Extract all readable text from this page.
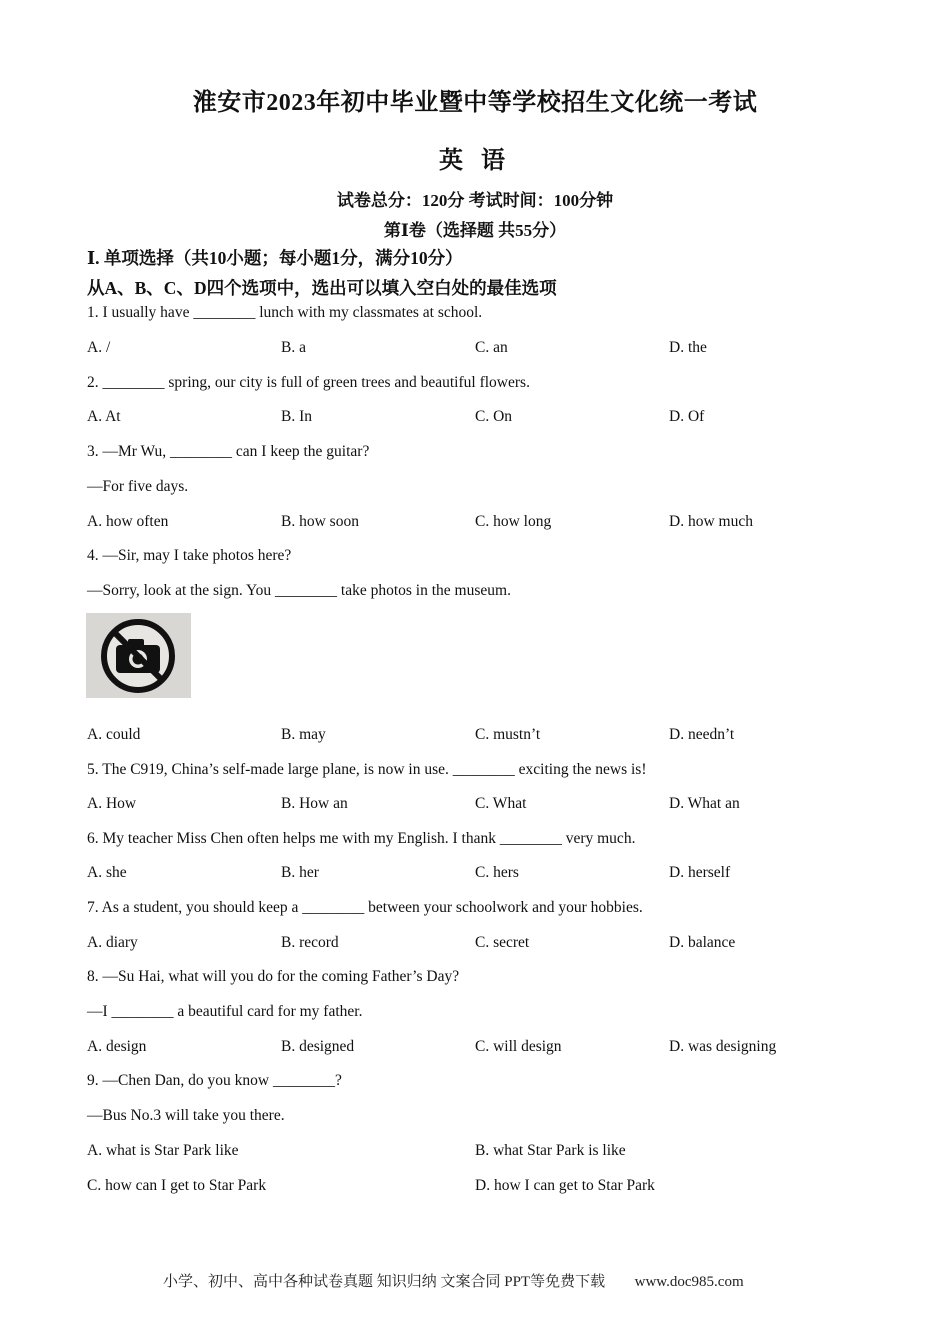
淮安市2023年初中毕业暨中等学校招生文化统一考试
英 语
试卷总分：120分 考试时间：100分钟
第Ⅰ卷（选择题 共55分）
Ⅰ. 单项选择（共10小题；每小题1分，满分10分）
从A、B、C、D四个选项中，选出可以填入空白处的最佳选项
1. I usually have ________ lunch with my classmates at school.
A. /	B. a	C. an	D. the
2. ________ spring, our city is full of green trees and beautiful flowers.
A. At	B. In	C. On	D. Of
3. —Mr Wu, ________ can I keep the guitar?
—For five days.
A. how often	B. how soon	C. how long	D. how much
4. —Sir, may I take photos here?
—Sorry, look at the sign. You ________ take photos in the museum.
A. could	B. may	C. mustn’t	D. needn’t
5. The C919, China’s self-made large plane, is now in use. ________ exciting the news is!
A. How	B. How an	C. What	D. What an
6. My teacher Miss Chen often helps me with my English. I thank ________ very much.
A. she	B. her	C. hers	D. herself
7. As a student, you should keep a ________ between your schoolwork and your hobbies.
A. diary	B. record	C. secret	D. balance
8. —Su Hai, what will you do for the coming Father’s Day?
—I ________ a beautiful card for my father.
A. design	B. designed	C. will design	D. was designing
9. —Chen Dan, do you know ________?
—Bus No.3 will take you there.
A. what is Star Park like	B. what Star Park is like
C. how can I get to Star Park	D. how I can get to Star Park
小学、初中、高中各种试卷真题 知识归纳 文案合同 PPT等免费下载 www.doc985.com
